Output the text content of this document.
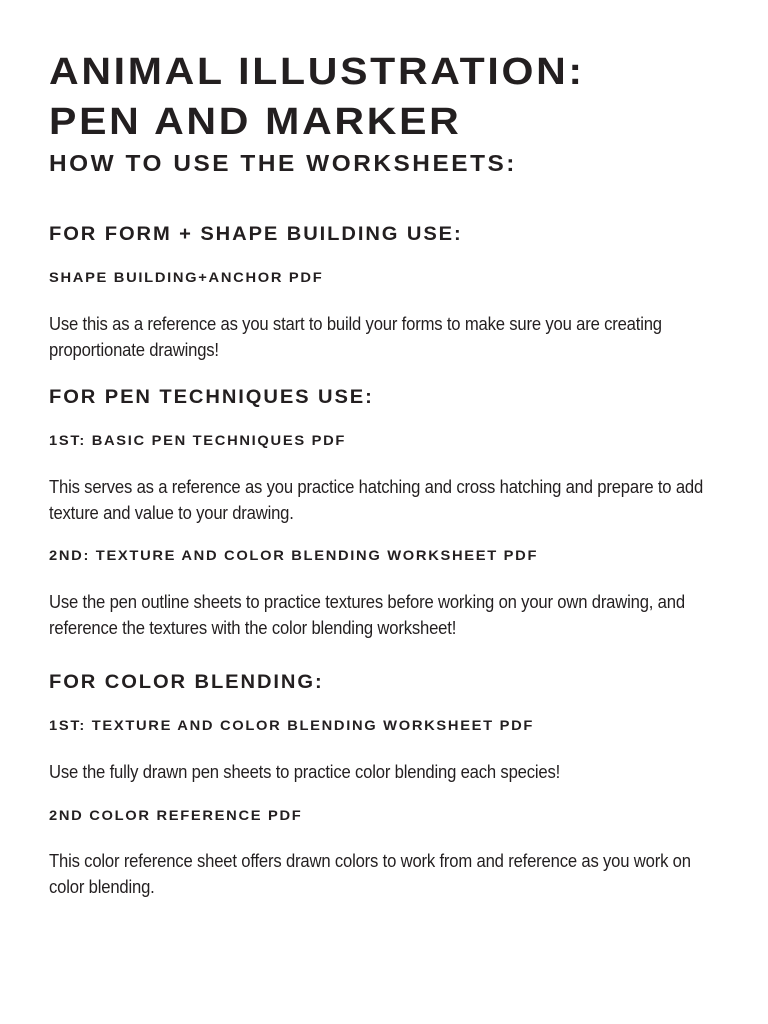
ANIMAL ILLUSTRATION:
PEN AND MARKER
HOW TO USE THE WORKSHEETS:
FOR FORM + SHAPE BUILDING USE:
SHAPE BUILDING+ANCHOR PDF

Use this as a reference as you start to build your forms to make sure you are creating proportionate drawings!

FOR PEN TECHNIQUES USE:
1ST: BASIC PEN TECHNIQUES PDF

This serves as a reference as you practice hatching and cross hatching and prepare to add texture and value to your drawing.

2ND: TEXTURE AND COLOR BLENDING WORKSHEET PDF

Use the pen outline sheets to practice textures before working on your own drawing, and reference the textures with the color blending worksheet!

FOR COLOR BLENDING:
1ST: TEXTURE AND COLOR BLENDING WORKSHEET PDF

Use the fully drawn pen sheets to practice color blending each species!

2ND COLOR REFERENCE PDF

This color reference sheet offers drawn colors to work from and reference as you work on color blending.
